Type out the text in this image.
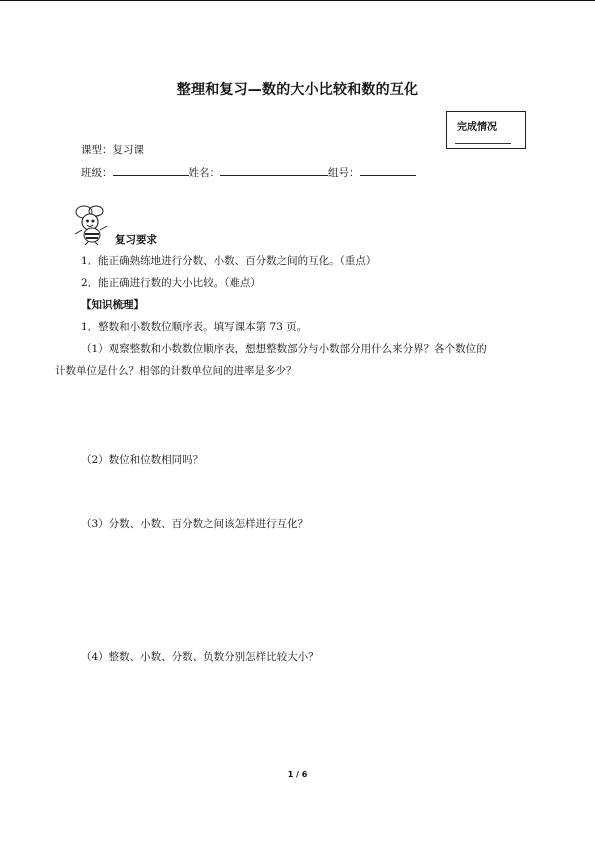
整理和复习—数的大小比较和数的互化
完成情况
课型：复习课
班级：	姓名：	组号：
复习要求
1．能正确熟练地进行分数、小数、百分数之间的互化。（重点）
2．能正确进行数的大小比较。（难点）
【知识梳理】
1．整数和小数数位顺序表。填写课本第 73 页。
（1）观察整数和小数数位顺序表，想想整数部分与小数部分用什么来分界？各个数位的
计数单位是什么？相邻的计数单位间的进率是多少？
（2）数位和位数相同吗？
（3）分数、小数、百分数之间该怎样进行互化？
（4）整数、小数、分数、负数分别怎样比较大小？
1 / 6
